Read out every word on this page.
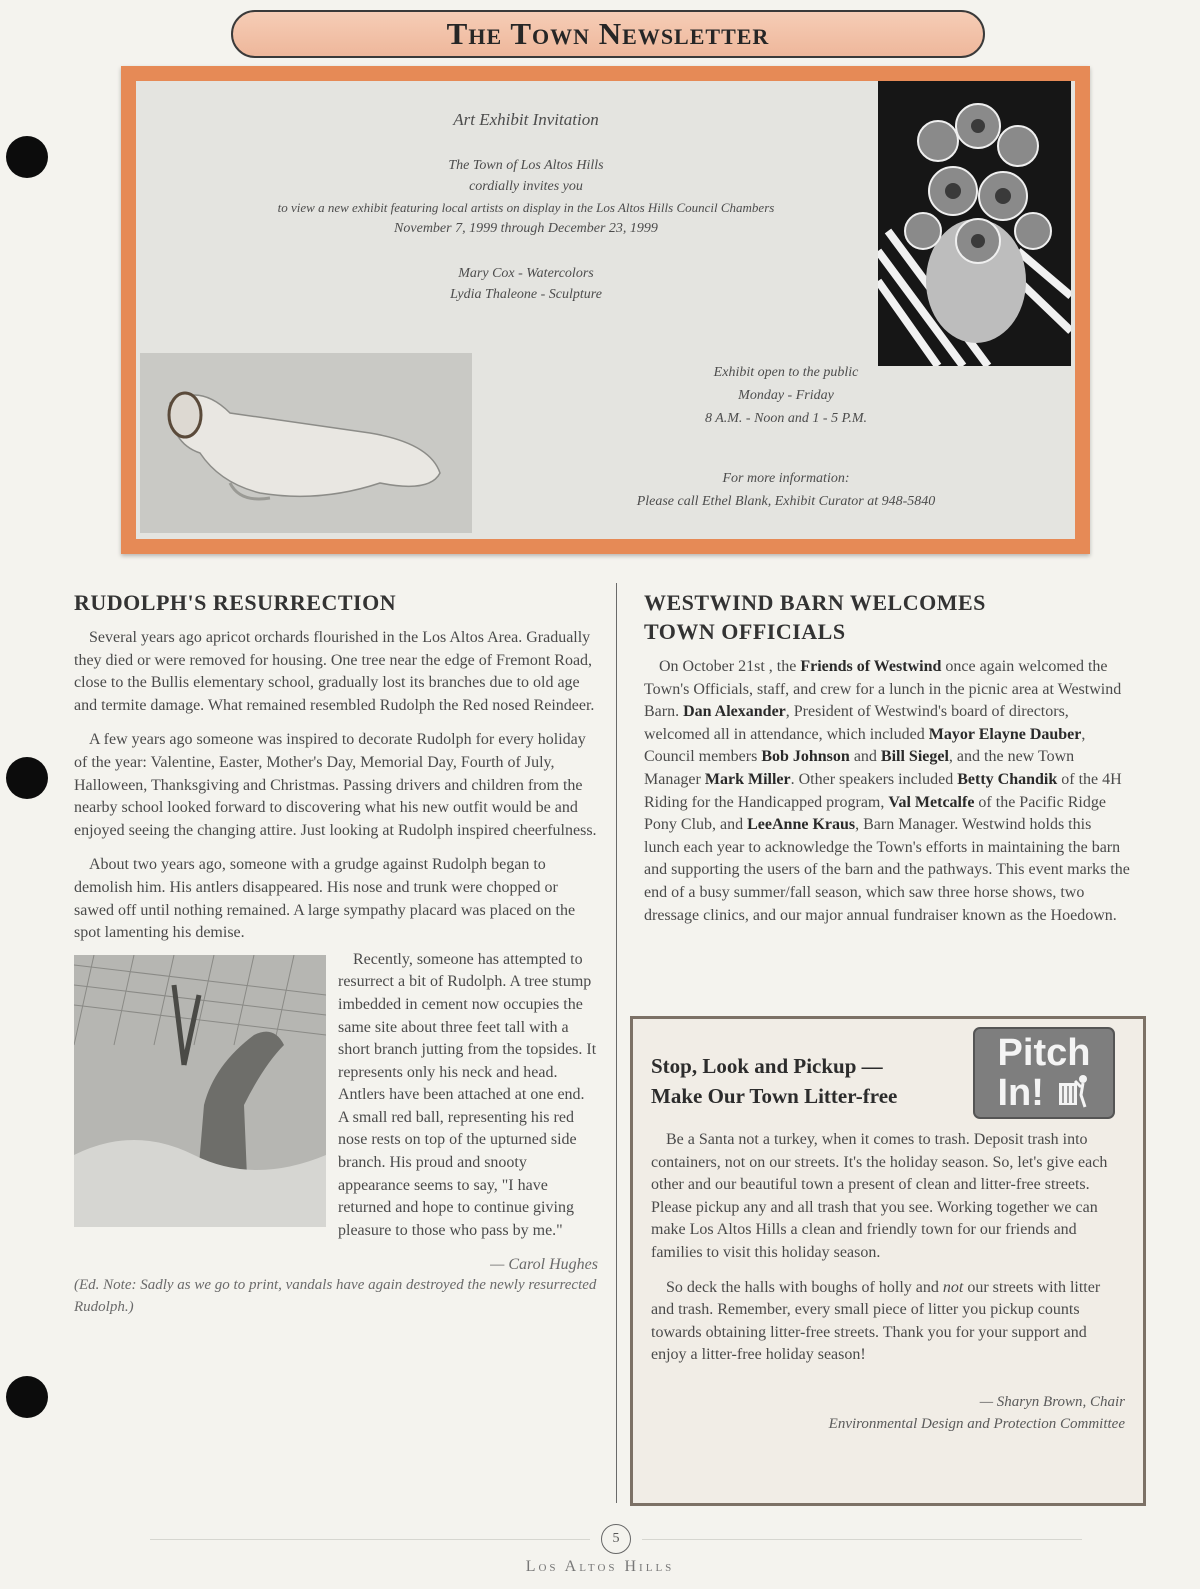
The Town Newsletter
Art Exhibit Invitation
The Town of Los Altos Hills
cordially invites you
to view a new exhibit featuring local artists on display in the Los Altos Hills Council Chambers
November 7, 1999 through December 23, 1999
Mary Cox - Watercolors
Lydia Thaleone - Sculpture
Exhibit open to the public
Monday - Friday
8 A.M. - Noon and 1 - 5 P.M.
For more information:
Please call Ethel Blank, Exhibit Curator at 948-5840
RUDOLPH'S RESURRECTION

Several years ago apricot orchards flourished in the Los Altos Area. Gradually they died or were removed for housing. One tree near the edge of Fremont Road, close to the Bullis elementary school, gradually lost its branches due to old age and termite damage. What remained resembled Rudolph the Red nosed Reindeer.

A few years ago someone was inspired to decorate Rudolph for every holiday of the year: Valentine, Easter, Mother's Day, Memorial Day, Fourth of July, Halloween, Thanksgiving and Christmas. Passing drivers and children from the nearby school looked forward to discovering what his new outfit would be and enjoyed seeing the changing attire. Just looking at Rudolph inspired cheerfulness.

About two years ago, someone with a grudge against Rudolph began to demolish him. His antlers disappeared. His nose and trunk were chopped or sawed off until nothing remained. A large sympathy placard was placed on the spot lamenting his demise.

Recently, someone has attempted to resurrect a bit of Rudolph. A tree stump imbedded in cement now occupies the same site about three feet tall with a short branch jutting from the topsides. It represents only his neck and head. Antlers have been attached at one end. A small red ball, representing his red nose rests on top of the upturned side branch. His proud and snooty appearance seems to say, "I have returned and hope to continue giving pleasure to those who pass by me."

— Carol Hughes
(Ed. Note: Sadly as we go to print, vandals have again destroyed the newly resurrected Rudolph.)
WESTWIND BARN WELCOMES TOWN OFFICIALS

On October 21st , the Friends of Westwind once again welcomed the Town's Officials, staff, and crew for a lunch in the picnic area at Westwind Barn. Dan Alexander, President of Westwind's board of directors, welcomed all in attendance, which included Mayor Elayne Dauber, Council members Bob Johnson and Bill Siegel, and the new Town Manager Mark Miller. Other speakers included Betty Chandik of the 4H Riding for the Handicapped program, Val Metcalfe of the Pacific Ridge Pony Club, and LeeAnne Kraus, Barn Manager. Westwind holds this lunch each year to acknowledge the Town's efforts in maintaining the barn and supporting the users of the barn and the pathways. This event marks the end of a busy summer/fall season, which saw three horse shows, two dressage clinics, and our major annual fundraiser known as the Hoedown.

Stop, Look and Pickup —
Make Our Town Litter-free
Pitch
In!

Be a Santa not a turkey, when it comes to trash. Deposit trash into containers, not on our streets. It's the holiday season. So, let's give each other and our beautiful town a present of clean and litter-free streets. Please pickup any and all trash that you see. Working together we can make Los Altos Hills a clean and friendly town for our friends and families to visit this holiday season.

So deck the halls with boughs of holly and not our streets with litter and trash. Remember, every small piece of litter you pickup counts towards obtaining litter-free streets. Thank you for your support and enjoy a litter-free holiday season!

— Sharyn Brown, Chair
Environmental Design and Protection Committee
5
Los Altos Hills
